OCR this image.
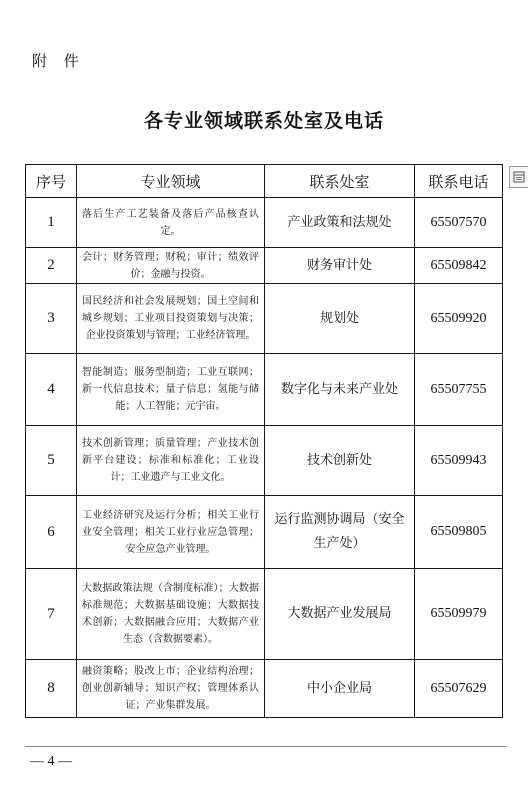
附 件
各专业领域联系处室及电话
序号	专业领域	联系处室	联系电话
1	落后生产工艺装备及落后产品核查认定。	产业政策和法规处	65507570
2	会计；财务管理；财税；审计；绩效评价；金融与投资。	财务审计处	65509842
3	国民经济和社会发展规划；国土空间和城乡规划；工业项目投资策划与决策；企业投资策划与管理；工业经济管理。	规划处	65509920
4	智能制造；服务型制造；工业互联网；新一代信息技术；量子信息；氢能与储能；人工智能；元宇宙。	数字化与未来产业处	65507755
5	技术创新管理；质量管理；产业技术创新平台建设；标准和标准化；工业设计；工业遗产与工业文化。	技术创新处	65509943
6	工业经济研究及运行分析；相关工业行业安全管理；相关工业行业应急管理；安全应急产业管理。	运行监测协调局（安全生产处）	65509805
7	大数据政策法规（含制度标准）；大数据标准规范；大数据基础设施；大数据技术创新；大数据融合应用；大数据产业生态（含数据要素）。	大数据产业发展局	65509979
8	融资策略；股改上市；企业结构治理；创业创新辅导；知识产权；管理体系认证；产业集群发展。	中小企业局	65507629
— 4 —
